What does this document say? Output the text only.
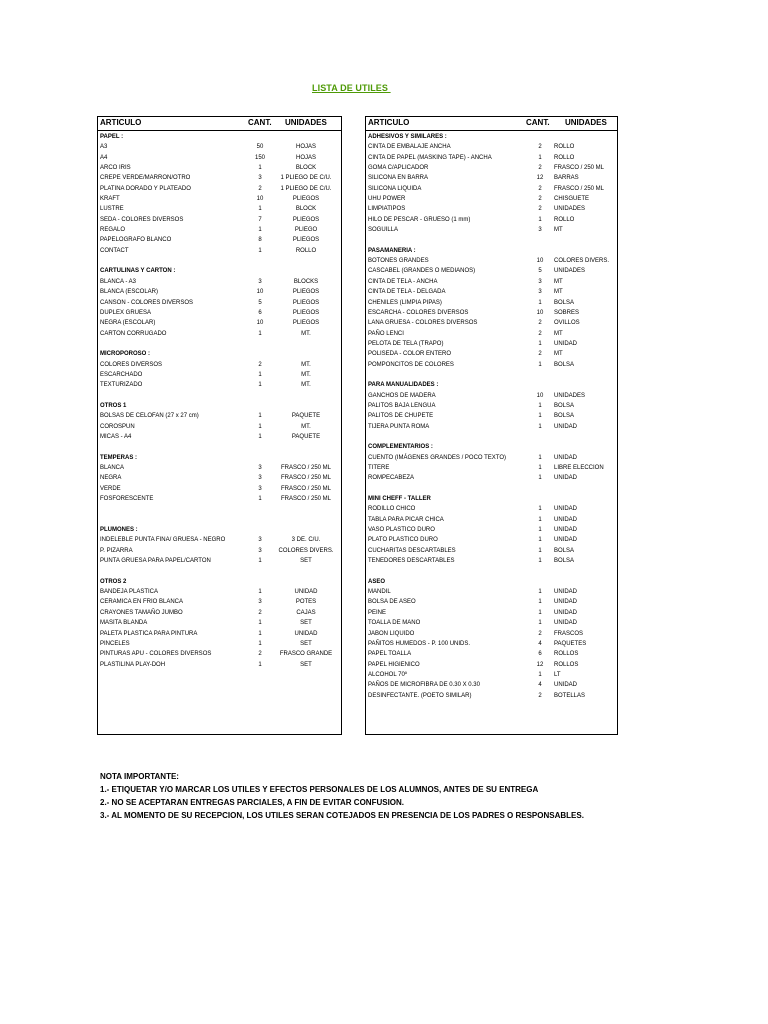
LISTA DE UTILES
ARTICULO	CANT. UNIDADES
PAPEL :
A3	50	HOJAS
A4	150	HOJAS
ARCO IRIS	1	BLOCK
CREPE VERDE/MARRON/OTRO	3	1 PLIEGO DE C/U.
PLATINA DORADO Y PLATEADO	2	1 PLIEGO DE C/U.
KRAFT	10	PLIEGOS
LUSTRE	1	BLOCK
SEDA - COLORES DIVERSOS	7	PLIEGOS
REGALO	1	PLIEGO
PAPELOGRAFO BLANCO	8	PLIEGOS
CONTACT	1	ROLLO
CARTULINAS Y CARTON :
BLANCA - A3	3	BLOCKS
BLANCA (ESCOLAR)	10	PLIEGOS
CANSON - COLORES DIVERSOS	5	PLIEGOS
DUPLEX GRUESA	6	PLIEGOS
NEGRA (ESCOLAR)	10	PLIEGOS
CARTON CORRUGADO	1	MT.
MICROPOROSO :
COLORES DIVERSOS	2	MT.
ESCARCHADO	1	MT.
TEXTURIZADO	1	MT.
OTROS 1
BOLSAS DE CELOFAN (27 x 27 cm)	1	PAQUETE
COROSPUN	1	MT.
MICAS - A4	1	PAQUETE
TEMPERAS :
BLANCA	3	FRASCO / 250 ML
NEGRA	3	FRASCO / 250 ML
VERDE	3	FRASCO / 250 ML
FOSFORESCENTE	1	FRASCO / 250 ML
PLUMONES :
INDELEBLE PUNTA FINA/ GRUESA - NEGRO	3	3 DE. C/U.
P. PIZARRA	3	COLORES DIVERS.
PUNTA GRUESA PARA PAPEL/CARTON	1	SET
OTROS 2
BANDEJA PLASTICA	1	UNIDAD
CERAMICA EN FRIO BLANCA	3	POTES
CRAYONES TAMAÑO JUMBO	2	CAJAS
MASITA BLANDA	1	SET
PALETA PLASTICA PARA PINTURA	1	UNIDAD
PINCELES	1	SET
PINTURAS APU - COLORES DIVERSOS	2	FRASCO GRANDE
PLASTILINA PLAY-DOH	1	SET
ARTICULO	CANT. UNIDADES
ADHESIVOS Y SIMILARES :
CINTA DE EMBALAJE ANCHA	2	ROLLO
CINTA DE PAPEL (MASKING TAPE) - ANCHA	1	ROLLO
GOMA C/APLICADOR	2	FRASCO / 250 ML
SILICONA EN BARRA	12	BARRAS
SILICONA LIQUIDA	2	FRASCO / 250 ML
UHU POWER	2	CHISGUETE
LIMPIATIPOS	2	UNIDADES
HILO DE PESCAR - GRUESO (1 mm)	1	ROLLO
SOGUILLA	3	MT
PASAMANERIA :
BOTONES GRANDES	10	COLORES DIVERS.
CASCABEL (GRANDES O MEDIANOS)	5	UNIDADES
CINTA DE TELA - ANCHA	3	MT
CINTA DE TELA - DELGADA	3	MT
CHENILES (LIMPIA PIPAS)	1	BOLSA
ESCARCHA - COLORES DIVERSOS	10	SOBRES
LANA GRUESA - COLORES DIVERSOS	2	OVILLOS
PAÑO LENCI	2	MT
PELOTA DE TELA (TRAPO)	1	UNIDAD
POLISEDA - COLOR ENTERO	2	MT
POMPONCITOS DE COLORES	1	BOLSA
PARA MANUALIDADES :
GANCHOS DE MADERA	10	UNIDADES
PALITOS BAJA LENGUA	1	BOLSA
PALITOS DE CHUPETE	1	BOLSA
TIJERA PUNTA ROMA	1	UNIDAD
COMPLEMENTARIOS :
CUENTO (IMÁGENES GRANDES / POCO TEXTO)	1	UNIDAD
TITERE	1	LIBRE ELECCION
ROMPECABEZA	1	UNIDAD
MINI CHEFF - TALLER
RODILLO CHICO	1	UNIDAD
TABLA PARA PICAR CHICA	1	UNIDAD
VASO PLASTICO DURO	1	UNIDAD
PLATO PLASTICO DURO	1	UNIDAD
CUCHARITAS DESCARTABLES	1	BOLSA
TENEDORES DESCARTABLES	1	BOLSA
ASEO
MANDIL	1	UNIDAD
BOLSA DE ASEO	1	UNIDAD
PEINE	1	UNIDAD
TOALLA DE MANO	1	UNIDAD
JABON LIQUIDO	2	FRASCOS
PAÑITOS HUMEDOS - P. 100 UNIDS.	4	PAQUETES
PAPEL TOALLA	6	ROLLOS
PAPEL HIGIENICO	12	ROLLOS
ALCOHOL 70º	1	LT
PAÑOS DE MICROFIBRA DE 0.30 X 0.30	4	UNIDAD
DESINFECTANTE. (POETO SIMILAR)	2	BOTELLAS
NOTA IMPORTANTE:
1.- ETIQUETAR Y/O MARCAR LOS UTILES Y EFECTOS PERSONALES DE LOS ALUMNOS, ANTES DE SU ENTREGA
2.- NO SE ACEPTARAN ENTREGAS PARCIALES, A FIN DE EVITAR CONFUSION.
3.- AL MOMENTO DE SU RECEPCION, LOS UTILES SERAN COTEJADOS EN PRESENCIA DE LOS PADRES O RESPONSABLES.
